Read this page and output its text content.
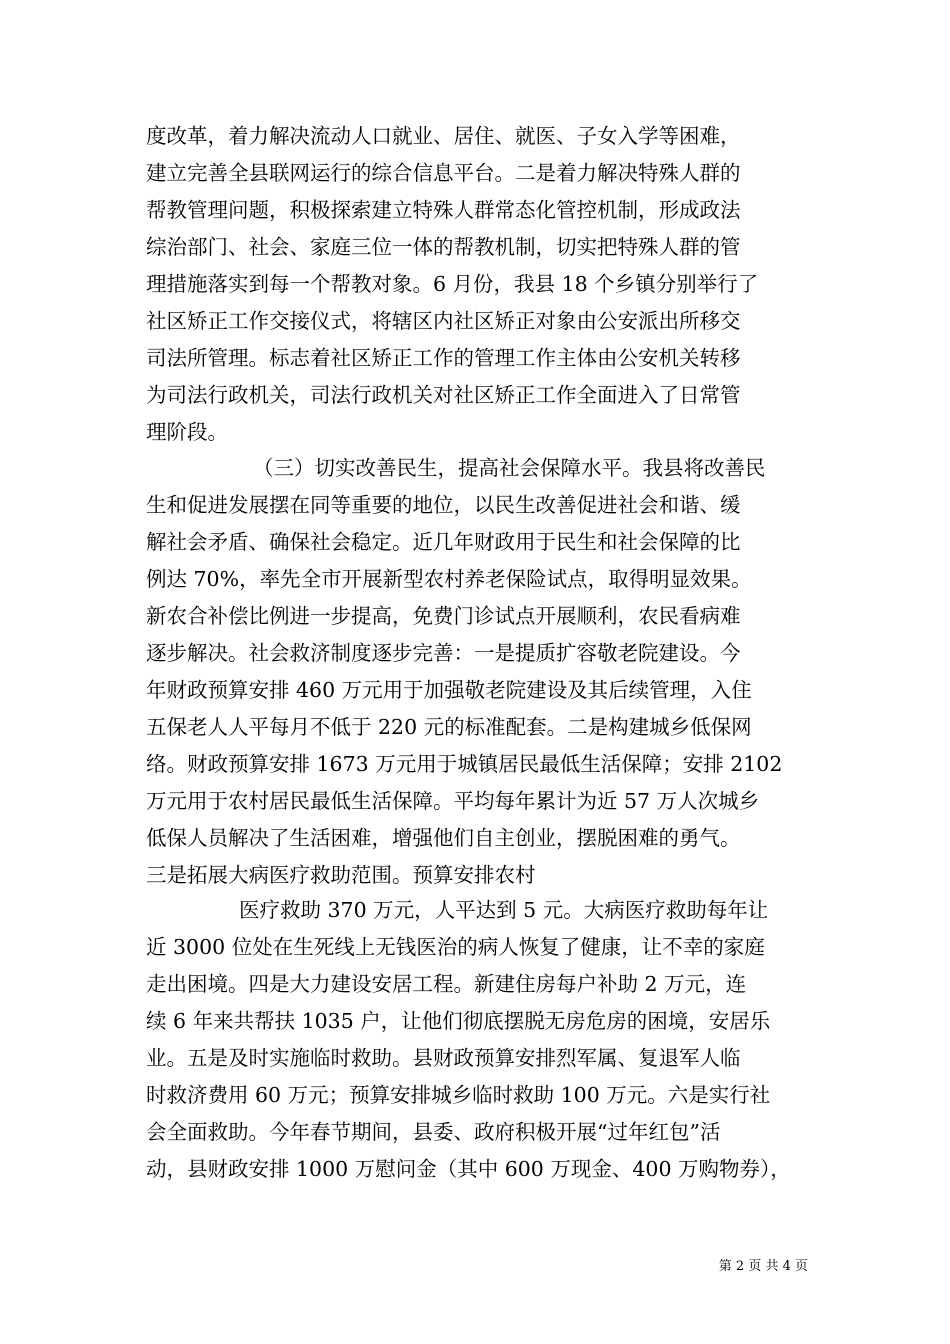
度改革，着力解决流动人口就业、居住、就医、子女入学等困难，
建立完善全县联网运行的综合信息平台。二是着力解决特殊人群的
帮教管理问题，积极探索建立特殊人群常态化管控机制，形成政法
综治部门、社会、家庭三位一体的帮教机制，切实把特殊人群的管
理措施落实到每一个帮教对象。6 月份，我县 18 个乡镇分别举行了
社区矫正工作交接仪式，将辖区内社区矫正对象由公安派出所移交
司法所管理。标志着社区矫正工作的管理工作主体由公安机关转移
为司法行政机关，司法行政机关对社区矫正工作全面进入了日常管
理阶段。
（三）切实改善民生，提高社会保障水平。我县将改善民
生和促进发展摆在同等重要的地位，以民生改善促进社会和谐、缓
解社会矛盾、确保社会稳定。近几年财政用于民生和社会保障的比
例达 70%，率先全市开展新型农村养老保险试点，取得明显效果。
新农合补偿比例进一步提高，免费门诊试点开展顺利，农民看病难
逐步解决。社会救济制度逐步完善：一是提质扩容敬老院建设。今
年财政预算安排 460 万元用于加强敬老院建设及其后续管理，入住
五保老人人平每月不低于 220 元的标准配套。二是构建城乡低保网
络。财政预算安排 1673 万元用于城镇居民最低生活保障；安排 2102
万元用于农村居民最低生活保障。平均每年累计为近 57 万人次城乡
低保人员解决了生活困难，增强他们自主创业，摆脱困难的勇气。
三是拓展大病医疗救助范围。预算安排农村
医疗救助 370 万元，人平达到 5 元。大病医疗救助每年让
近 3000 位处在生死线上无钱医治的病人恢复了健康，让不幸的家庭
走出困境。四是大力建设安居工程。新建住房每户补助 2 万元，连
续 6 年来共帮扶 1035 户，让他们彻底摆脱无房危房的困境，安居乐
业。五是及时实施临时救助。县财政预算安排烈军属、复退军人临
时救济费用 60 万元；预算安排城乡临时救助 100 万元。六是实行社
会全面救助。今年春节期间，县委、政府积极开展“过年红包”活
动，县财政安排 1000 万慰问金（其中 600 万现金、400 万购物券），
第 2 页 共 4 页
